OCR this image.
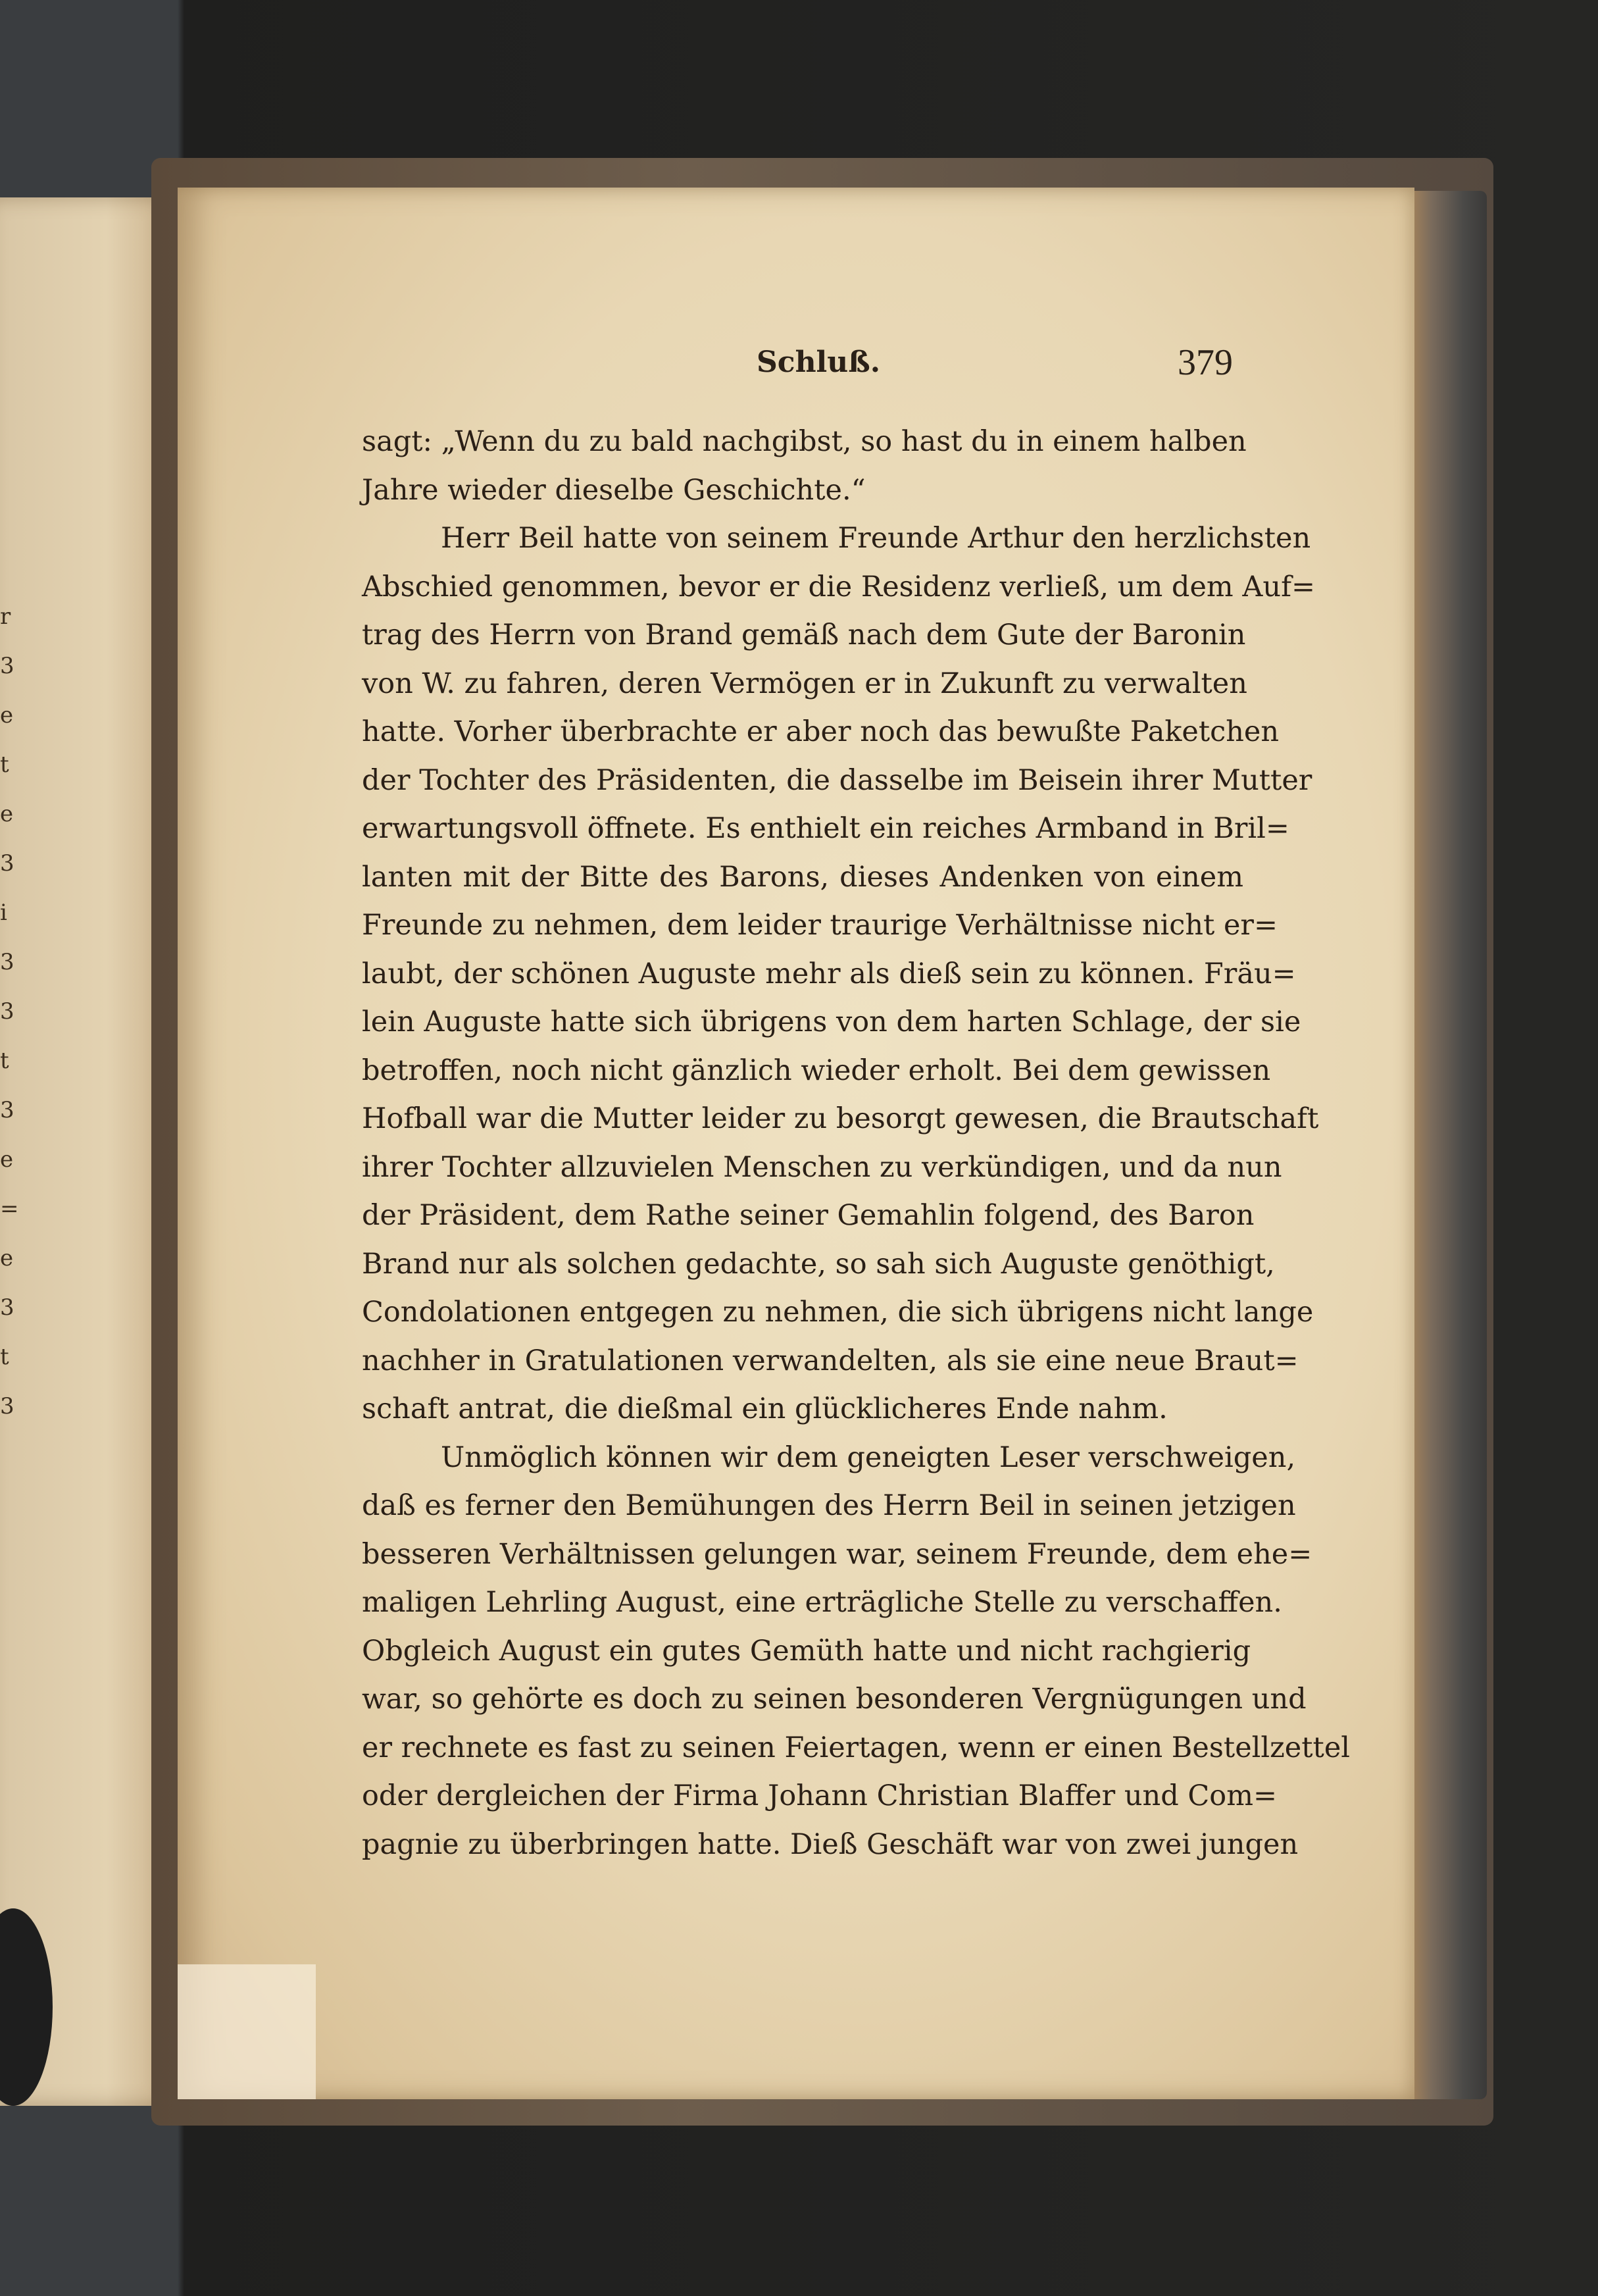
r
3
e
t
e
3
i
3
3
t
3
e
=
e
3
t
3
Schluß.	379
sagt: „Wenn du zu bald nachgibst, so hast du in einem halben
Jahre wieder dieselbe Geschichte.“
Herr Beil hatte von seinem Freunde Arthur den herzlichsten
Abschied genommen, bevor er die Residenz verließ, um dem Auf=
trag des Herrn von Brand gemäß nach dem Gute der Baronin
von W. zu fahren, deren Vermögen er in Zukunft zu verwalten
hatte. Vorher überbrachte er aber noch das bewußte Paketchen
der Tochter des Präsidenten, die dasselbe im Beisein ihrer Mutter
erwartungsvoll öffnete. Es enthielt ein reiches Armband in Bril=
lanten mit der Bitte des Barons, dieses Andenken von einem
Freunde zu nehmen, dem leider traurige Verhältnisse nicht er=
laubt, der schönen Auguste mehr als dieß sein zu können. Fräu=
lein Auguste hatte sich übrigens von dem harten Schlage, der sie
betroffen, noch nicht gänzlich wieder erholt. Bei dem gewissen
Hofball war die Mutter leider zu besorgt gewesen, die Brautschaft
ihrer Tochter allzuvielen Menschen zu verkündigen, und da nun
der Präsident, dem Rathe seiner Gemahlin folgend, des Baron
Brand nur als solchen gedachte, so sah sich Auguste genöthigt,
Condolationen entgegen zu nehmen, die sich übrigens nicht lange
nachher in Gratulationen verwandelten, als sie eine neue Braut=
schaft antrat, die dießmal ein glücklicheres Ende nahm.
Unmöglich können wir dem geneigten Leser verschweigen,
daß es ferner den Bemühungen des Herrn Beil in seinen jetzigen
besseren Verhältnissen gelungen war, seinem Freunde, dem ehe=
maligen Lehrling August, eine erträgliche Stelle zu verschaffen.
Obgleich August ein gutes Gemüth hatte und nicht rachgierig
war, so gehörte es doch zu seinen besonderen Vergnügungen und
er rechnete es fast zu seinen Feiertagen, wenn er einen Bestellzettel
oder dergleichen der Firma Johann Christian Blaffer und Com=
pagnie zu überbringen hatte. Dieß Geschäft war von zwei jungen
